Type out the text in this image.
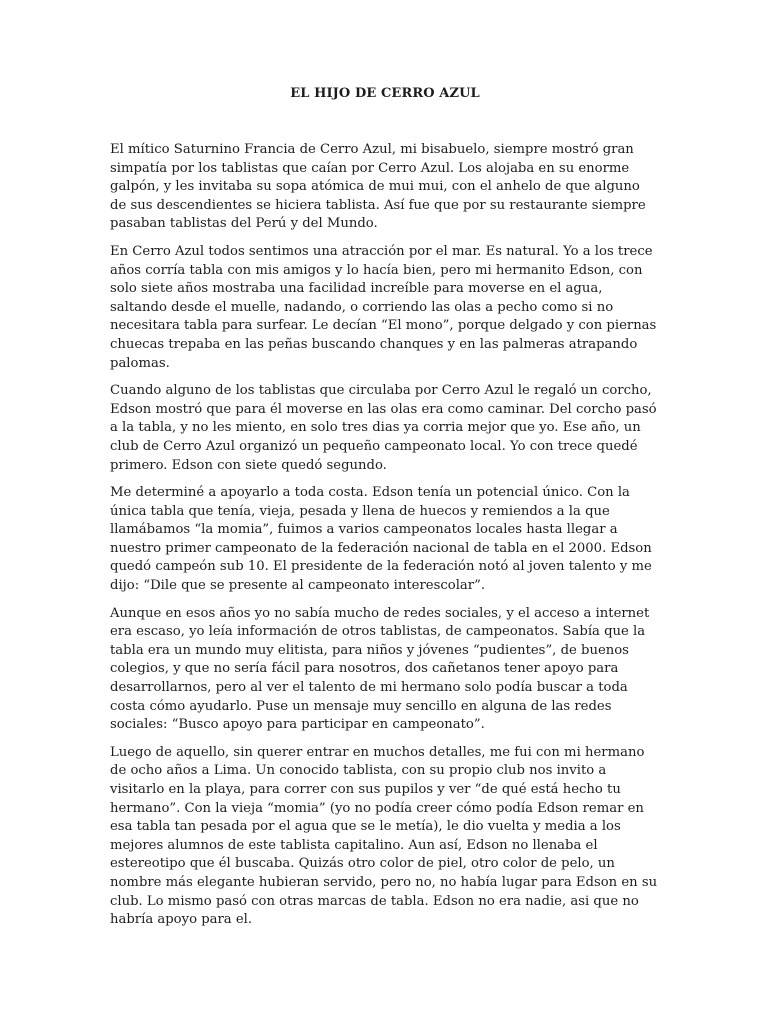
EL HIJO DE CERRO AZUL

El mítico Saturnino Francia de Cerro Azul, mi bisabuelo, siempre mostró gran simpatía por los tablistas que caían por Cerro Azul. Los alojaba en su enorme galpón, y les invitaba su sopa atómica de mui mui, con el anhelo de que alguno de sus descendientes se hiciera tablista. Así fue que por su restaurante siempre pasaban tablistas del Perú y del Mundo.

En Cerro Azul todos sentimos una atracción por el mar. Es natural. Yo a los trece años corría tabla con mis amigos y lo hacía bien, pero mi hermanito Edson, con solo siete años mostraba una facilidad increíble para moverse en el agua, saltando desde el muelle, nadando, o corriendo las olas a pecho como si no necesitara tabla para surfear. Le decían “El mono”, porque delgado y con piernas chuecas trepaba en las peñas buscando chanques y en las palmeras atrapando palomas.

Cuando alguno de los tablistas que circulaba por Cerro Azul le regaló un corcho, Edson mostró que para él moverse en las olas era como caminar. Del corcho pasó a la tabla, y no les miento, en solo tres dias ya corria mejor que yo. Ese año, un club de Cerro Azul organizó un pequeño campeonato local. Yo con trece quedé primero. Edson con siete quedó segundo.

Me determiné a apoyarlo a toda costa. Edson tenía un potencial único. Con la única tabla que tenía, vieja, pesada y llena de huecos y remiendos a la que llamábamos “la momia”, fuimos a varios campeonatos locales hasta llegar a nuestro primer campeonato de la federación nacional de tabla en el 2000. Edson quedó campeón sub 10. El presidente de la federación notó al joven talento y me dijo: “Dile que se presente al campeonato interescolar”.

Aunque en esos años yo no sabía mucho de redes sociales, y el acceso a internet era escaso, yo leía información de otros tablistas, de campeonatos. Sabía que la tabla era un mundo muy elitista, para niños y jóvenes “pudientes”, de buenos colegios, y que no sería fácil para nosotros, dos cañetanos tener apoyo para desarrollarnos, pero al ver el talento de mi hermano solo podía buscar a toda costa cómo ayudarlo. Puse un mensaje muy sencillo en alguna de las redes sociales: “Busco apoyo para participar en campeonato”.

Luego de aquello, sin querer entrar en muchos detalles, me fui con mi hermano de ocho años a Lima. Un conocido tablista, con su propio club nos invito a visitarlo en la playa, para correr con sus pupilos y ver “de qué está hecho tu hermano”. Con la vieja “momia” (yo no podía creer cómo podía Edson remar en esa tabla tan pesada por el agua que se le metía), le dio vuelta y media a los mejores alumnos de este tablista capitalino. Aun así, Edson no llenaba el estereotipo que él buscaba. Quizás otro color de piel, otro color de pelo, un nombre más elegante hubieran servido, pero no, no había lugar para Edson en su club. Lo mismo pasó con otras marcas de tabla. Edson no era nadie, asi que no habría apoyo para el.
